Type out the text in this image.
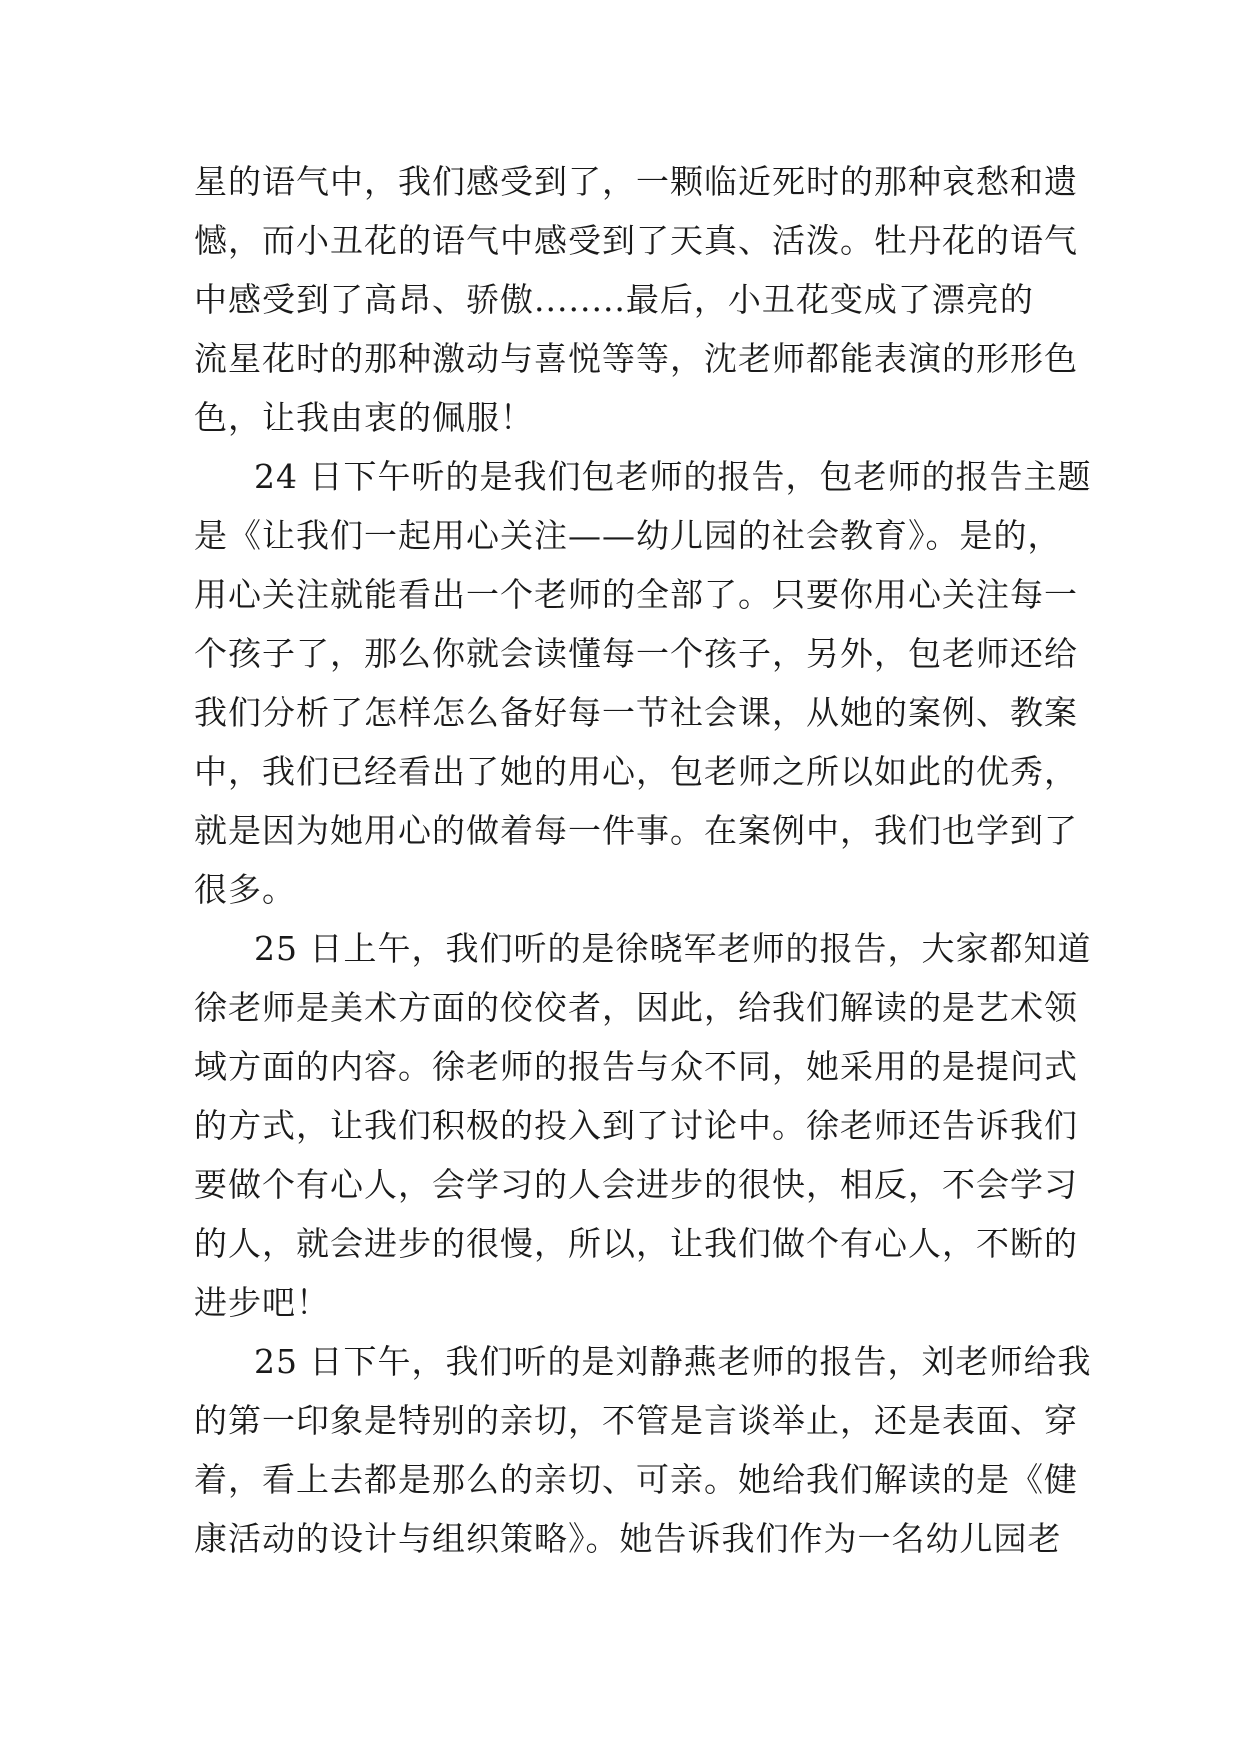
星的语气中，我们感受到了，一颗临近死时的那种哀愁和遗
憾，而小丑花的语气中感受到了天真、活泼。牡丹花的语气
中感受到了高昂、骄傲........最后，小丑花变成了漂亮的
流星花时的那种激动与喜悦等等，沈老师都能表演的形形色
色，让我由衷的佩服！
24 日下午听的是我们包老师的报告，包老师的报告主题
是《让我们一起用心关注——幼儿园的社会教育》。是的，
用心关注就能看出一个老师的全部了。只要你用心关注每一
个孩子了，那么你就会读懂每一个孩子，另外，包老师还给
我们分析了怎样怎么备好每一节社会课，从她的案例、教案
中，我们已经看出了她的用心，包老师之所以如此的优秀，
就是因为她用心的做着每一件事。在案例中，我们也学到了
很多。
25 日上午，我们听的是徐晓军老师的报告，大家都知道
徐老师是美术方面的佼佼者，因此，给我们解读的是艺术领
域方面的内容。徐老师的报告与众不同，她采用的是提问式
的方式，让我们积极的投入到了讨论中。徐老师还告诉我们
要做个有心人，会学习的人会进步的很快，相反，不会学习
的人，就会进步的很慢，所以，让我们做个有心人，不断的
进步吧！
25 日下午，我们听的是刘静燕老师的报告，刘老师给我
的第一印象是特别的亲切，不管是言谈举止，还是表面、穿
着，看上去都是那么的亲切、可亲。她给我们解读的是《健
康活动的设计与组织策略》。她告诉我们作为一名幼儿园老
